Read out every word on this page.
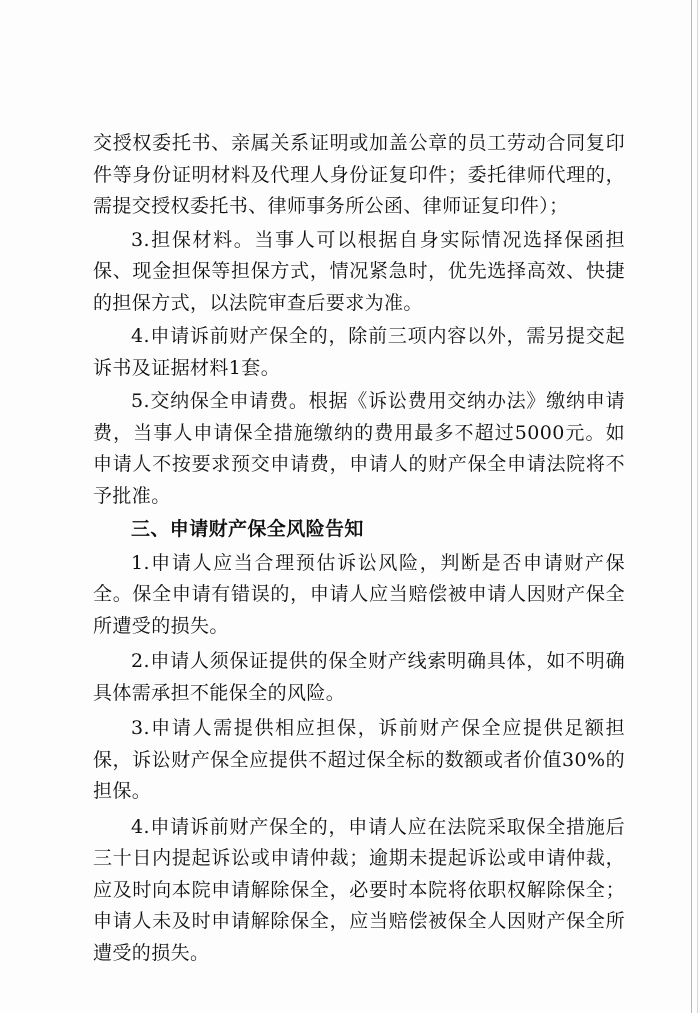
交授权委托书、亲属关系证明或加盖公章的员工劳动合同复印件等身份证明材料及代理人身份证复印件；委托律师代理的，需提交授权委托书、律师事务所公函、律师证复印件）；

3.担保材料。当事人可以根据自身实际情况选择保函担保、现金担保等担保方式，情况紧急时，优先选择高效、快捷的担保方式，以法院审查后要求为准。

4.申请诉前财产保全的，除前三项内容以外，需另提交起诉书及证据材料1套。

5.交纳保全申请费。根据《诉讼费用交纳办法》缴纳申请费，当事人申请保全措施缴纳的费用最多不超过5000元。如申请人不按要求预交申请费，申请人的财产保全申请法院将不予批准。

三、申请财产保全风险告知

1.申请人应当合理预估诉讼风险，判断是否申请财产保全。保全申请有错误的，申请人应当赔偿被申请人因财产保全所遭受的损失。

2.申请人须保证提供的保全财产线索明确具体，如不明确具体需承担不能保全的风险。

3.申请人需提供相应担保，诉前财产保全应提供足额担保，诉讼财产保全应提供不超过保全标的数额或者价值30%的担保。

4.申请诉前财产保全的，申请人应在法院采取保全措施后三十日内提起诉讼或申请仲裁；逾期未提起诉讼或申请仲裁，应及时向本院申请解除保全，必要时本院将依职权解除保全；申请人未及时申请解除保全，应当赔偿被保全人因财产保全所遭受的损失。
